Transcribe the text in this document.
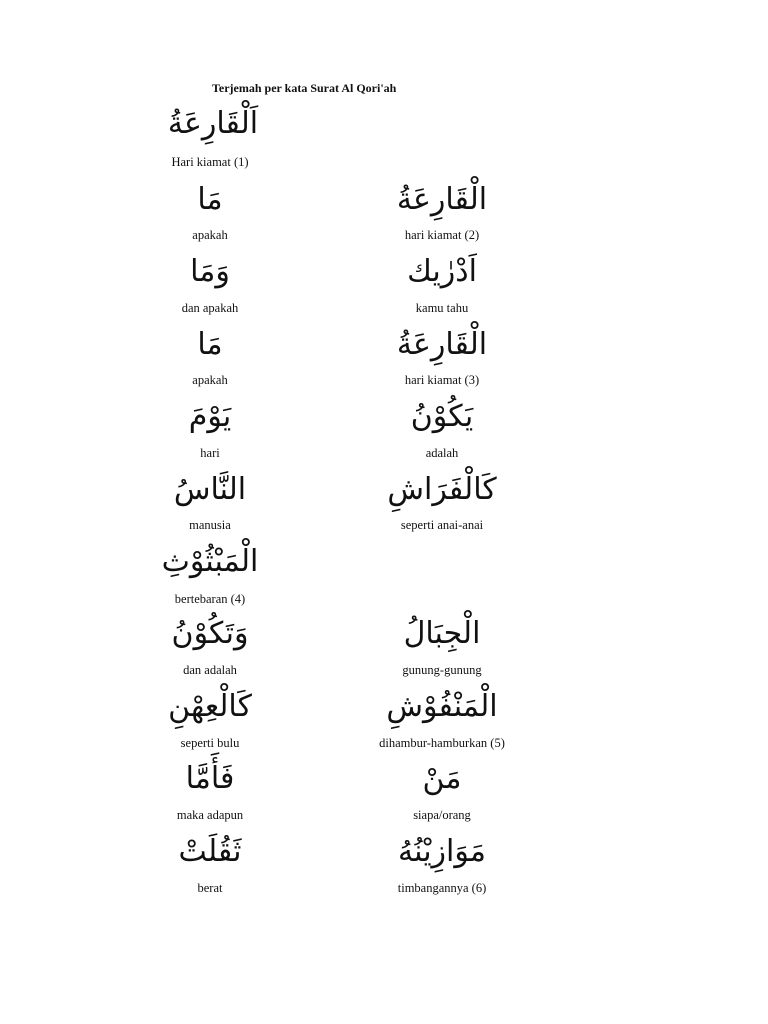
Terjemah per kata Surat Al Qori'ah
اَلْقَارِعَةُ
Hari kiamat (1)
مَا	الْقَارِعَةُ
apakah	hari kiamat (2)
وَمَا	اَدْرٰيك
dan apakah	kamu tahu
مَا	الْقَارِعَةُ
apakah	hari kiamat (3)
يَوْمَ	يَكُوْنُ
hari	adalah
النَّاسُ	كَالْفَرَاشِ
manusia	seperti anai-anai
الْمَبْثُوْثِ
bertebaran (4)
وَتَكُوْنُ	الْجِبَالُ
dan adalah	gunung-gunung
كَالْعِهْنِ	الْمَنْفُوْشِ
seperti bulu	dihambur-hamburkan (5)
فَأَمَّا	مَنْ
maka adapun	siapa/orang
ثَقُلَتْ	مَوَازِيْنُهُ
berat	timbangannya (6)
